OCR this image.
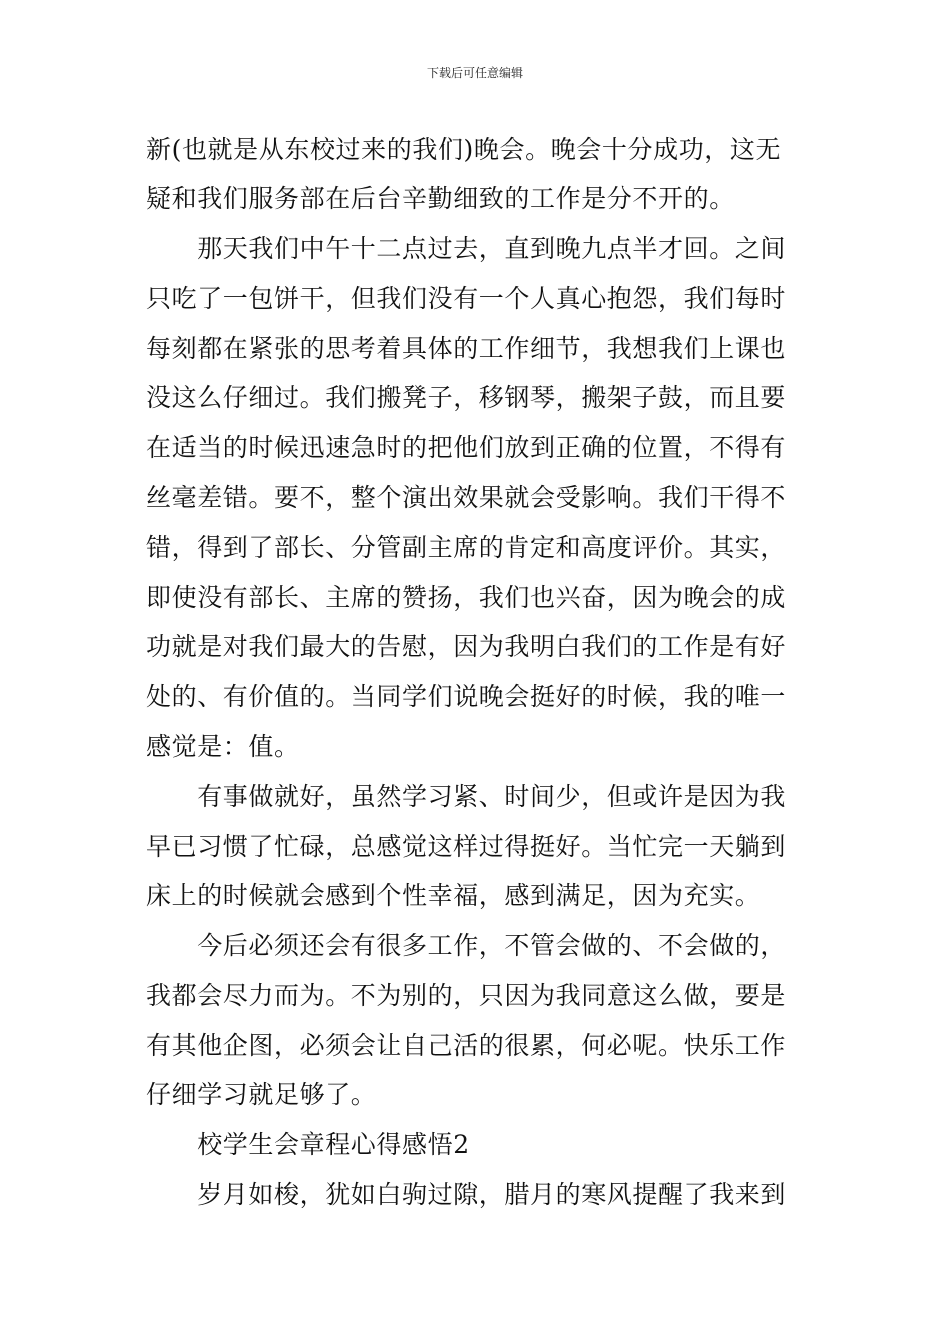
下载后可任意编辑
新(也就是从东校过来的我们)晚会。晚会十分成功，这无
疑和我们服务部在后台辛勤细致的工作是分不开的。
　　那天我们中午十二点过去，直到晚九点半才回。之间
只吃了一包饼干，但我们没有一个人真心抱怨，我们每时
每刻都在紧张的思考着具体的工作细节，我想我们上课也
没这么仔细过。我们搬凳子，移钢琴，搬架子鼓，而且要
在适当的时候迅速急时的把他们放到正确的位置，不得有
丝毫差错。要不，整个演出效果就会受影响。我们干得不
错，得到了部长、分管副主席的肯定和高度评价。其实，
即使没有部长、主席的赞扬，我们也兴奋，因为晚会的成
功就是对我们最大的告慰，因为我明白我们的工作是有好
处的、有价值的。当同学们说晚会挺好的时候，我的唯一
感觉是：值。
　　有事做就好，虽然学习紧、时间少，但或许是因为我
早已习惯了忙碌，总感觉这样过得挺好。当忙完一天躺到
床上的时候就会感到个性幸福，感到满足，因为充实。
　　今后必须还会有很多工作，不管会做的、不会做的，
我都会尽力而为。不为别的，只因为我同意这么做，要是
有其他企图，必须会让自己活的很累，何必呢。快乐工作
仔细学习就足够了。
　　校学生会章程心得感悟2
　　岁月如梭，犹如白驹过隙，腊月的寒风提醒了我来到
